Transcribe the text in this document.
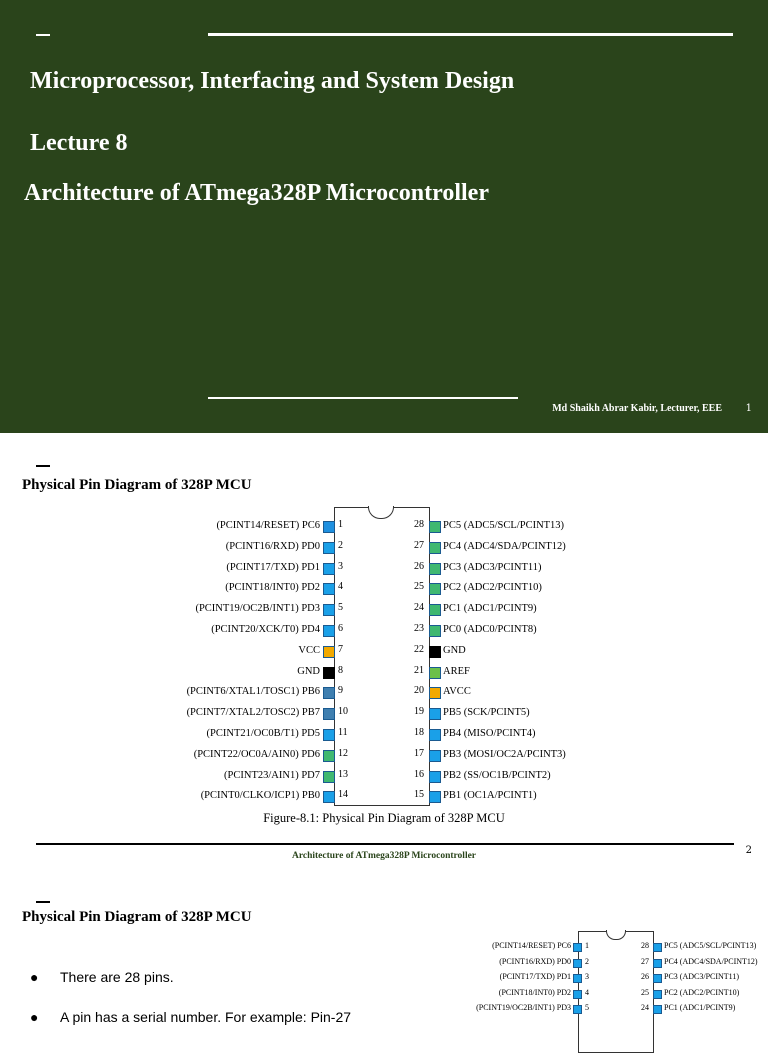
Microprocessor, Interfacing and System Design
Lecture 8
Architecture of ATmega328P Microcontroller
Md Shaikh Abrar Kabir, Lecturer, EEE 1
Physical Pin Diagram of 328P MCU
(PCINT14/RESET) PC6 1
(PCINT16/RXD) PD0 2
(PCINT17/TXD) PD1 3
(PCINT18/INT0) PD2 4
(PCINT19/OC2B/INT1) PD3 5
(PCINT20/XCK/T0) PD4 6
VCC 7
GND 8
(PCINT6/XTAL1/TOSC1) PB6 9
(PCINT7/XTAL2/TOSC2) PB7 10
(PCINT21/OC0B/T1) PD5 11
(PCINT22/OC0A/AIN0) PD6 12
(PCINT23/AIN1) PD7 13
(PCINT0/CLKO/ICP1) PB0 14
PC5 (ADC5/SCL/PCINT13)
28
PC4 (ADC4/SDA/PCINT12)
27
PC3 (ADC3/PCINT11)
26
PC2 (ADC2/PCINT10)
25
PC1 (ADC1/PCINT9)
24
PC0 (ADC0/PCINT8)
23
GND
22
AREF
21
AVCC
20
PB5 (SCK/PCINT5)
19
PB4 (MISO/PCINT4)
18
PB3 (MOSI/OC2A/PCINT3)
17
PB2 (SS/OC1B/PCINT2)
16
PB1 (OC1A/PCINT1)
15
Figure-8.1: Physical Pin Diagram of 328P MCU
Architecture of ATmega328P Microcontroller	2
Physical Pin Diagram of 328P MCU
● There are 28 pins.
● A pin has a serial number. For example: Pin-27
(PCINT14/RESET) PC6 1
(PCINT16/RXD) PD0 2
(PCINT17/TXD) PD1 3
(PCINT18/INT0) PD2 4
(PCINT19/OC2B/INT1) PD3 5
PC5 (ADC5/SCL/PCINT13)
28
PC4 (ADC4/SDA/PCINT12)
27
PC3 (ADC3/PCINT11)
26
PC2 (ADC2/PCINT10)
25
PC1 (ADC1/PCINT9)
24
